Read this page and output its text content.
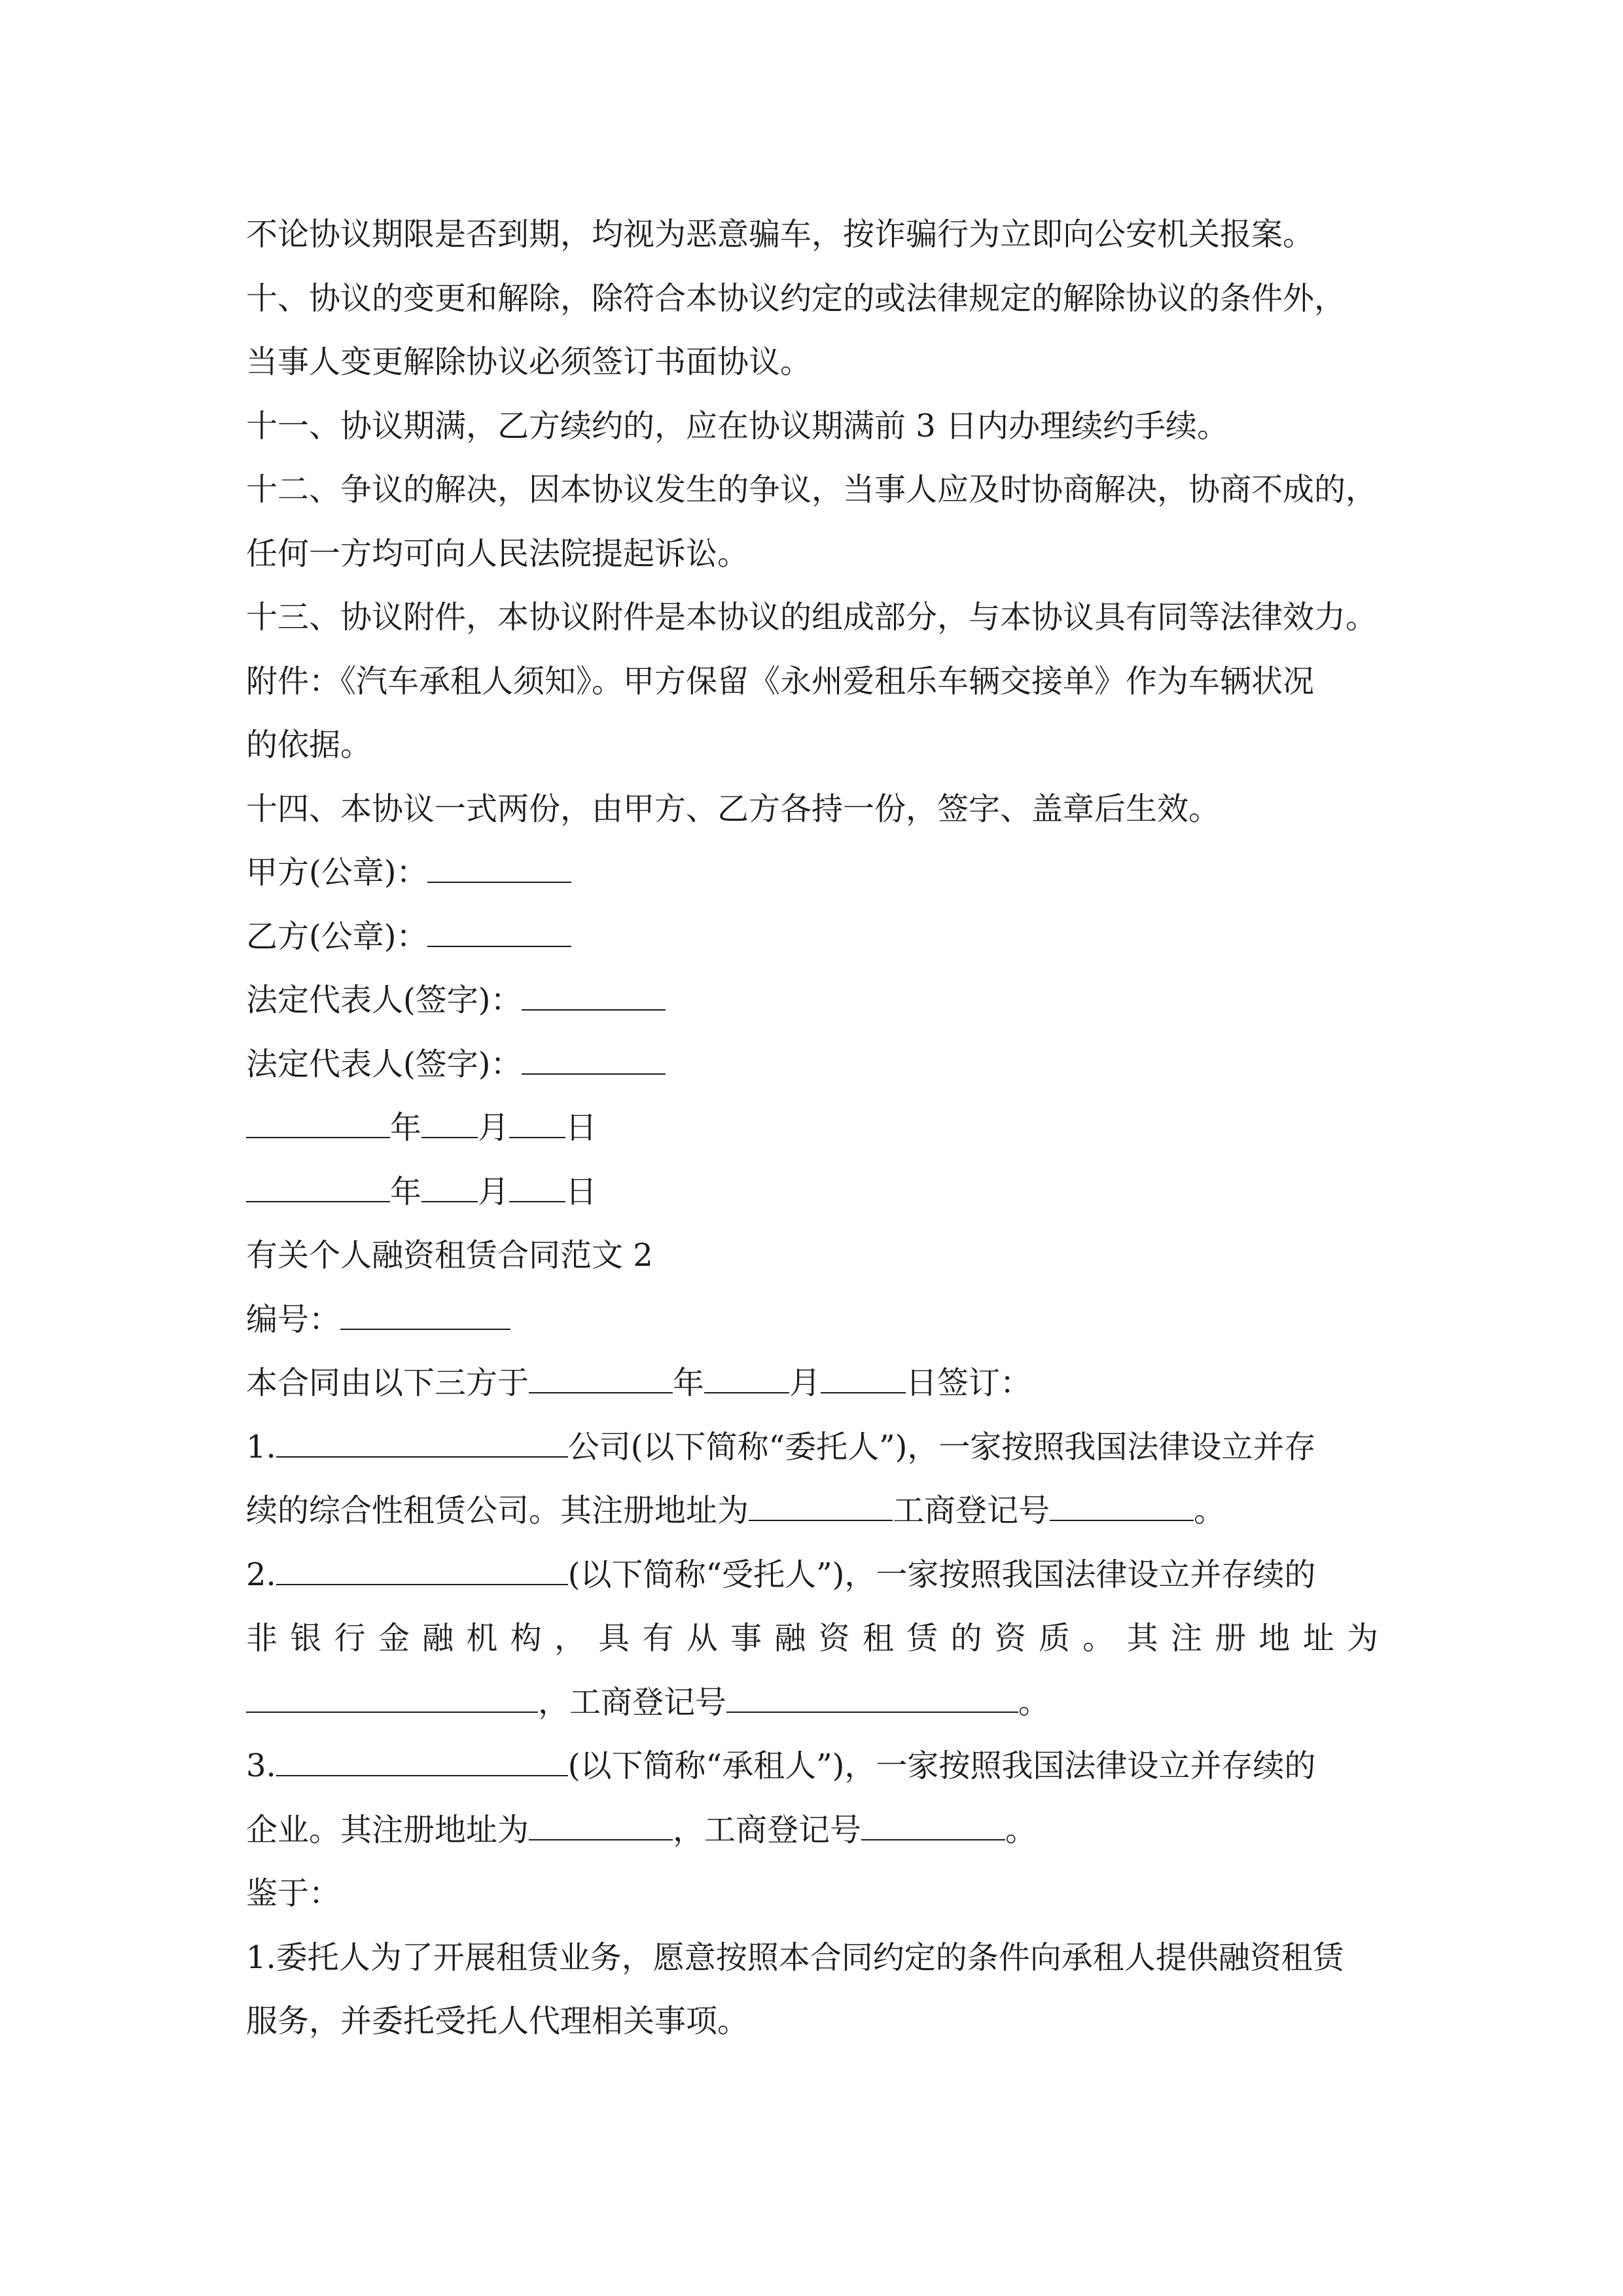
不论协议期限是否到期，均视为恶意骗车，按诈骗行为立即向公安机关报案。
十、协议的变更和解除，除符合本协议约定的或法律规定的解除协议的条件外，
当事人变更解除协议必须签订书面协议。
十一、协议期满，乙方续约的，应在协议期满前 3 日内办理续约手续。
十二、争议的解决，因本协议发生的争议，当事人应及时协商解决，协商不成的，
任何一方均可向人民法院提起诉讼。
十三、协议附件，本协议附件是本协议的组成部分，与本协议具有同等法律效力。
附件：《汽车承租人须知》。甲方保留《永州爱租乐车辆交接单》作为车辆状况
的依据。
十四、本协议一式两份，由甲方、乙方各持一份，签字、盖章后生效。
甲方(公章)：
乙方(公章)：
法定代表人(签字)：
法定代表人(签字)：
年 月 日
年 月 日
有关个人融资租赁合同范文 2
编号：
本合同由以下三方于	年	月	日签订：
1.	公司(以下简称“委托人”)，一家按照我国法律设立并存
续的综合性租赁公司。其注册地址为	工商登记号	。
2.	(以下简称“受托人”)，一家按照我国法律设立并存续的
非银行金融机构，具有从事融资租赁的资质。其注册地址为
，工商登记号	。
3.	(以下简称“承租人”)，一家按照我国法律设立并存续的
企业。其注册地址为	，工商登记号	。
鉴于：
1.委托人为了开展租赁业务，愿意按照本合同约定的条件向承租人提供融资租赁
服务，并委托受托人代理相关事项。
